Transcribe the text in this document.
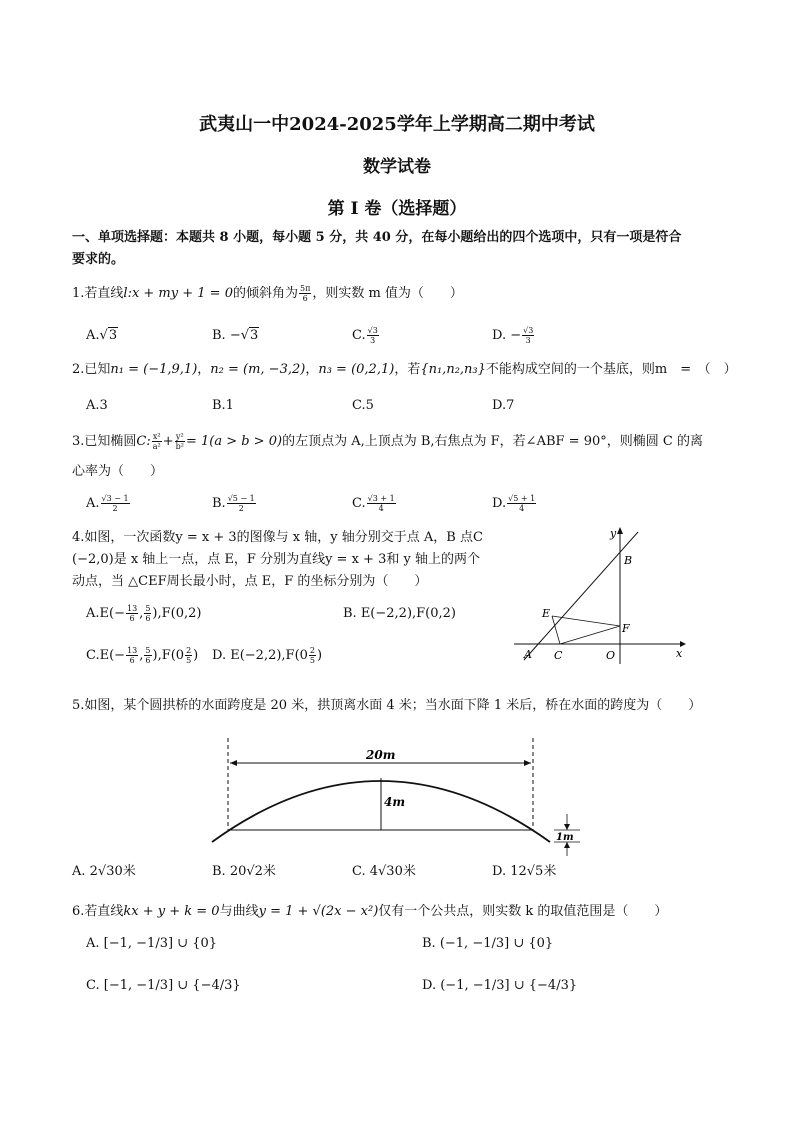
武夷山一中2024-2025学年上学期高二期中考试
数学试卷
第 I 卷（选择题）
一、单项选择题：本题共 8 小题，每小题 5 分，共 40 分，在每小题给出的四个选项中，只有一项是符合
要求的。
1.若直线l:x + my + 1 = 0的倾斜角为 $\frac{5\pi}{6}$ ，则实数 m 值为（　　）
A.√3	B. −√3	C. $\frac{√3}{3}$	D. − $\frac{√3}{3}$
2.已知n₁ = (−1,9,1)，n₂ = (m, −3,2)，n₃ = (0,2,1)，若{n₁,n₂,n₃}不能构成空间的一个基底，则m　=　（　）
A.3	B.1	C.5	D.7
3.已知椭圆C: $\frac{\text{x²}}{\text{a²}} + \frac{\text{y²}}{\text{b²}} = 1(a > b > 0)$的左顶点为 A,上顶点为 B,右焦点为 F，若∠ABF = 90°，则椭圆 C 的离
心率为（　　）
A. $\frac{√3 - 1}{2}$	B. $\frac{√5 - 1}{2}$	C. $\frac{√3 + 1}{4}$	D. $\frac{√5 + 1}{4}$
4.如图，一次函数y = x + 3的图像与 x 轴，y 轴分别交于点 A，B 点C
(−2,0)是 x 轴上一点，点 E，F 分别为直线y = x + 3和 y 轴上的两个
动点，当 △CEF周长最小时，点 E，F 的坐标分别为（　　）
$A.E(- \frac{13}{6}$ , $\frac{5}{6} ),F(0,2)$	B. E(−2,2),F(0,2)
$C.E(- \frac{13}{6}$ , $\frac{5}{6} ),F(0 \frac{2}{5}$ ) D. $E(-2,2),F(0 \frac{2}{5}$ )
y
x
B
E
F
A C	O
5.如图，某个圆拱桥的水面跨度是 20 米，拱顶离水面 4 米；当水面下降 1 米后，桥在水面的跨度为（　　）
20m
4m
1m
A. 2√30米	B. 20√2米	C. 4√30米	D. 12√5米
6.若直线kx + y + k = 0与曲线y = 1 + √(2x − x²)仅有一个公共点，则实数 k 的取值范围是（　　）
A. [−1, −1/3] ∪ {0}	B. (−1, −1/3] ∪ {0}
C. [−1, −1/3] ∪ {−4/3}	D. (−1, −1/3] ∪ {−4/3}
